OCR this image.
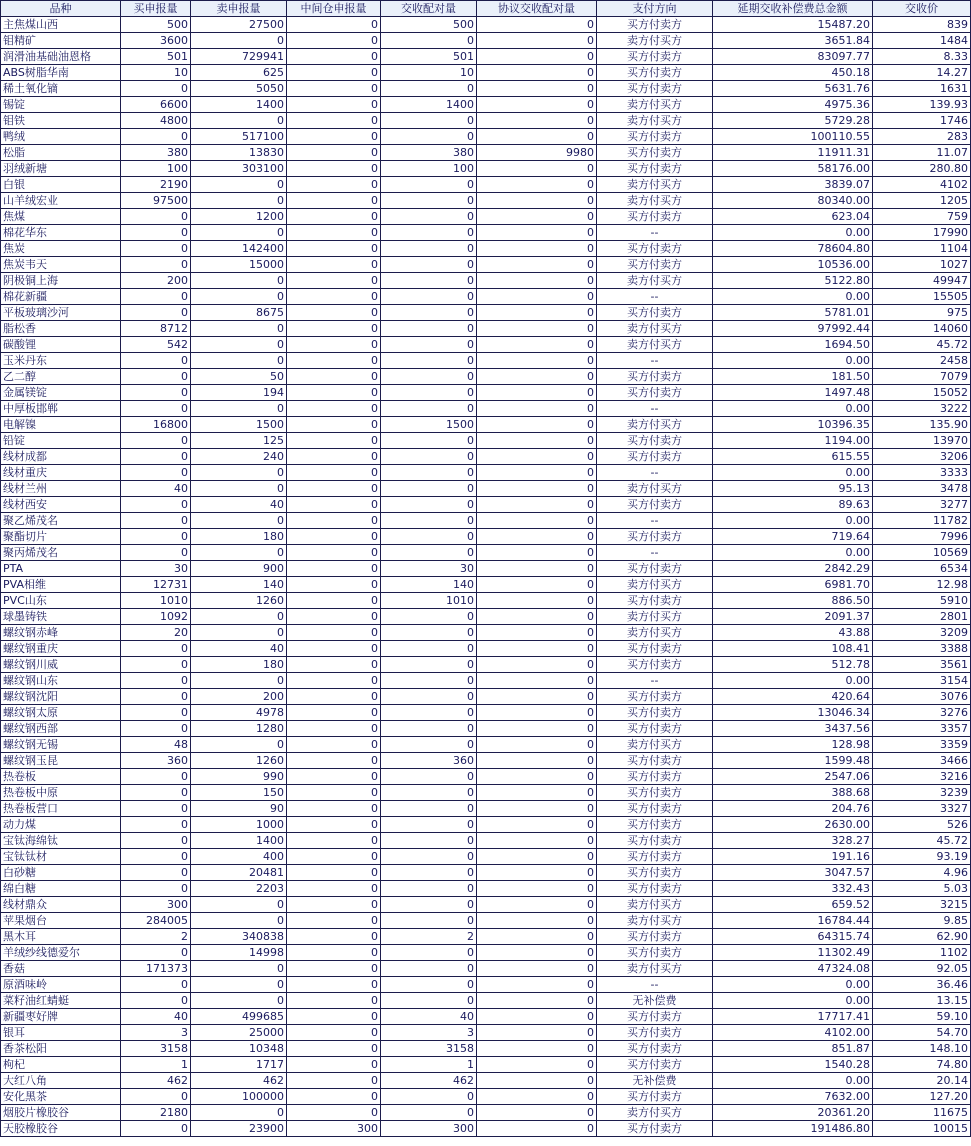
品种	买申报量	卖申报量	中间仓申报量	交收配对量	协议交收配对量	支付方向	延期交收补偿费总金额	交收价
主焦煤山西	500	27500	0	500	0	买方付卖方	15487.20	839
钼精矿	3600	0	0	0	0	卖方付买方	3651.84	1484
润滑油基础油恩格	501	729941	0	501	0	买方付卖方	83097.77	8.33
ABS树脂华南	10	625	0	10	0	买方付卖方	450.18	14.27
稀土氧化镝	0	5050	0	0	0	买方付卖方	5631.76	1631
锡锭	6600	1400	0	1400	0	卖方付买方	4975.36	139.93
钼铁	4800	0	0	0	0	卖方付买方	5729.28	1746
鸭绒	0	517100	0	0	0	买方付卖方	100110.55	283
松脂	380	13830	0	380	9980	买方付卖方	11911.31	11.07
羽绒新塘	100	303100	0	100	0	买方付卖方	58176.00	280.80
白银	2190	0	0	0	0	卖方付买方	3839.07	4102
山羊绒宏业	97500	0	0	0	0	卖方付买方	80340.00	1205
焦煤	0	1200	0	0	0	买方付卖方	623.04	759
棉花华东	0	0	0	0	0	--	0.00	17990
焦炭	0	142400	0	0	0	买方付卖方	78604.80	1104
焦炭韦天	0	15000	0	0	0	买方付卖方	10536.00	1027
阴极铜上海	200	0	0	0	0	卖方付买方	5122.80	49947
棉花新疆	0	0	0	0	0	--	0.00	15505
平板玻璃沙河	0	8675	0	0	0	买方付卖方	5781.01	975
脂松香	8712	0	0	0	0	卖方付买方	97992.44	14060
碳酸锂	542	0	0	0	0	卖方付买方	1694.50	45.72
玉米丹东	0	0	0	0	0	--	0.00	2458
乙二醇	0	50	0	0	0	买方付卖方	181.50	7079
金属镁锭	0	194	0	0	0	买方付卖方	1497.48	15052
中厚板邯郸	0	0	0	0	0	--	0.00	3222
电解镍	16800	1500	0	1500	0	卖方付买方	10396.35	135.90
铅锭	0	125	0	0	0	买方付卖方	1194.00	13970
线材成都	0	240	0	0	0	买方付卖方	615.55	3206
线材重庆	0	0	0	0	0	--	0.00	3333
线材兰州	40	0	0	0	0	卖方付买方	95.13	3478
线材西安	0	40	0	0	0	买方付卖方	89.63	3277
聚乙烯茂名	0	0	0	0	0	--	0.00	11782
聚酯切片	0	180	0	0	0	买方付卖方	719.64	7996
聚丙烯茂名	0	0	0	0	0	--	0.00	10569
PTA	30	900	0	30	0	买方付卖方	2842.29	6534
PVA相维	12731	140	0	140	0	卖方付买方	6981.70	12.98
PVC山东	1010	1260	0	1010	0	买方付卖方	886.50	5910
球墨铸铁	1092	0	0	0	0	卖方付买方	2091.37	2801
螺纹钢赤峰	20	0	0	0	0	卖方付买方	43.88	3209
螺纹钢重庆	0	40	0	0	0	买方付卖方	108.41	3388
螺纹钢川威	0	180	0	0	0	买方付卖方	512.78	3561
螺纹钢山东	0	0	0	0	0	--	0.00	3154
螺纹钢沈阳	0	200	0	0	0	买方付卖方	420.64	3076
螺纹钢太原	0	4978	0	0	0	买方付卖方	13046.34	3276
螺纹钢西部	0	1280	0	0	0	买方付卖方	3437.56	3357
螺纹钢无锡	48	0	0	0	0	卖方付买方	128.98	3359
螺纹钢玉昆	360	1260	0	360	0	买方付卖方	1599.48	3466
热卷板	0	990	0	0	0	买方付卖方	2547.06	3216
热卷板中原	0	150	0	0	0	买方付卖方	388.68	3239
热卷板营口	0	90	0	0	0	买方付卖方	204.76	3327
动力煤	0	1000	0	0	0	买方付卖方	2630.00	526
宝钛海绵钛	0	1400	0	0	0	买方付卖方	328.27	45.72
宝钛钛材	0	400	0	0	0	买方付卖方	191.16	93.19
白砂糖	0	20481	0	0	0	买方付卖方	3047.57	4.96
绵白糖	0	2203	0	0	0	买方付卖方	332.43	5.03
线材鼎众	300	0	0	0	0	卖方付买方	659.52	3215
苹果烟台	284005	0	0	0	0	卖方付买方	16784.44	9.85
黑木耳	2	340838	0	2	0	买方付卖方	64315.74	62.90
羊绒纱线德爱尔	0	14998	0	0	0	买方付卖方	11302.49	1102
香菇	171373	0	0	0	0	卖方付买方	47324.08	92.05
原酒味岭	0	0	0	0	0	--	0.00	36.46
菜籽油红蜻蜓	0	0	0	0	0	无补偿费	0.00	13.15
新疆枣好牌	40	499685	0	40	0	买方付卖方	17717.41	59.10
银耳	3	25000	0	3	0	买方付卖方	4102.00	54.70
香茶松阳	3158	10348	0	3158	0	买方付卖方	851.87	148.10
枸杞	1	1717	0	1	0	买方付卖方	1540.28	74.80
大红八角	462	462	0	462	0	无补偿费	0.00	20.14
安化黑茶	0	100000	0	0	0	买方付卖方	7632.00	127.20
烟胶片橡胶谷	2180	0	0	0	0	卖方付买方	20361.20	11675
天胶橡胶谷	0	23900	300	300	0	买方付卖方	191486.80	10015
